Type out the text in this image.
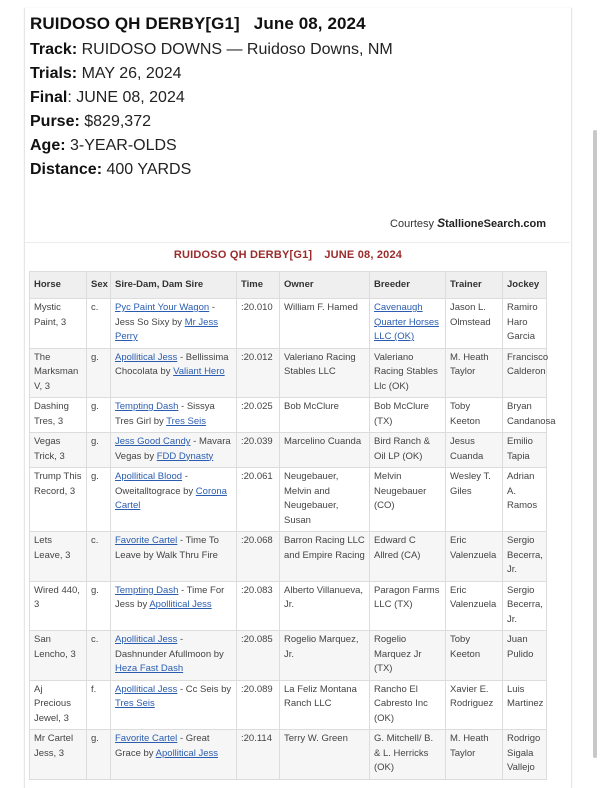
RUIDOSO QH DERBY[G1] June 08, 2024
Track: RUIDOSO DOWNS — Ruidoso Downs, NM
Trials: MAY 26, 2024
Final: JUNE 08, 2024
Purse: $829,372
Age: 3-YEAR-OLDS
Distance: 400 YARDS
Courtesy StallioneSearch.com
RUIDOSO QH DERBY[G1] JUNE 08, 2024
Horse	Sex	Sire-Dam, Dam Sire	Time	Owner	Breeder	Trainer	Jockey
Mystic Paint, 3	c.	Pyc Paint Your Wagon - Jess So Sixy by Mr Jess Perry	:20.010	William F. Hamed	Cavenaugh Quarter Horses LLC (OK)	Jason L. Olmstead	Ramiro Haro Garcia
The Marksman V, 3	g.	Apollitical Jess - Bellissima Chocolata by Valiant Hero	:20.012	Valeriano Racing Stables LLC	Valeriano Racing Stables Llc (OK)	M. Heath Taylor	Francisco Calderon
Dashing Tres, 3	g.	Tempting Dash - Sissya Tres Girl by Tres Seis	:20.025	Bob McClure	Bob McClure (TX)	Toby Keeton	Bryan Candanosa
Vegas Trick, 3	g.	Jess Good Candy - Mavara Vegas by FDD Dynasty	:20.039	Marcelino Cuanda	Bird Ranch & Oil LP (OK)	Jesus Cuanda	Emilio Tapia
Trump This Record, 3	g.	Apollitical Blood - Oweitalltograce by Corona Cartel	:20.061	Neugebauer, Melvin and Neugebauer, Susan	Melvin Neugebauer (CO)	Wesley T. Giles	Adrian A. Ramos
Lets Leave, 3	c.	Favorite Cartel - Time To Leave by Walk Thru Fire	:20.068	Barron Racing LLC and Empire Racing	Edward C Allred (CA)	Eric Valenzuela	Sergio Becerra, Jr.
Wired 440, 3	g.	Tempting Dash - Time For Jess by Apollitical Jess	:20.083	Alberto Villanueva, Jr.	Paragon Farms LLC (TX)	Eric Valenzuela	Sergio Becerra, Jr.
San Lencho, 3	c.	Apollitical Jess - Dashnunder Afullmoon by Heza Fast Dash	:20.085	Rogelio Marquez, Jr.	Rogelio Marquez Jr (TX)	Toby Keeton	Juan Pulido
Aj Precious Jewel, 3	f.	Apollitical Jess - Cc Seis by Tres Seis	:20.089	La Feliz Montana Ranch LLC	Rancho El Cabresto Inc (OK)	Xavier E. Rodriguez	Luis Martinez
Mr Cartel Jess, 3	g.	Favorite Cartel - Great Grace by Apollitical Jess	:20.114	Terry W. Green	G. Mitchell/ B. & L. Herricks (OK)	M. Heath Taylor	Rodrigo Sigala Vallejo
